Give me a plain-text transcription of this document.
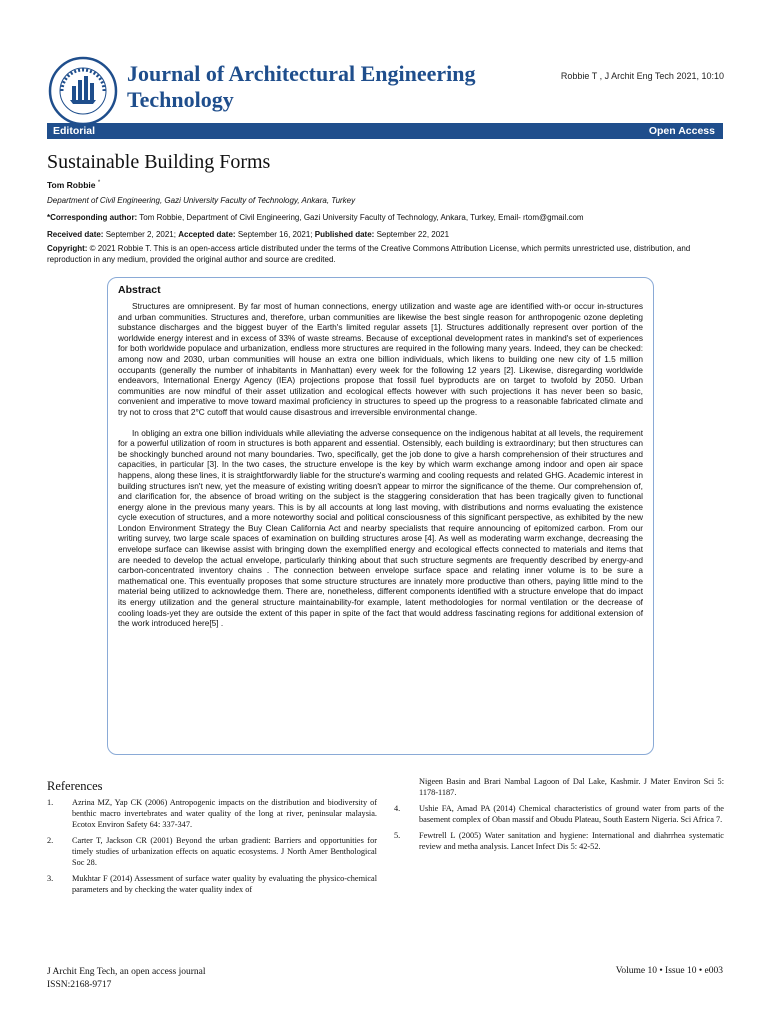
Journal of Architectural Engineering Technology
Robbie T , J Archit Eng Tech 2021, 10:10
Editorial	Open Access
Sustainable Building Forms
Tom Robbie *
Department of Civil Engineering, Gazi University Faculty of Technology, Ankara, Turkey
*Corresponding author: Tom Robbie, Department of Civil Engineering, Gazi University Faculty of Technology, Ankara, Turkey, Email- rtom@gmail.com
Received date: September 2, 2021; Accepted date: September 16, 2021; Published date: September 22, 2021
Copyright: © 2021 Robbie T. This is an open-access article distributed under the terms of the Creative Commons Attribution License, which permits unrestricted use, distribution, and reproduction in any medium, provided the original author and source are credited.
Abstract

Structures are omnipresent. By far most of human connections, energy utilization and waste age are identified with-or occur in-structures and urban communities. Structures and, therefore, urban communities are likewise the best single reason for anthropogenic ozone depleting substance discharges and the biggest buyer of the Earth's limited regular assets [1]. Structures additionally represent over portion of the worldwide energy interest and in excess of 33% of waste streams. Because of exceptional development rates in mankind's set of experiences for both worldwide populace and urbanization, endless more structures are required in the following many years. Indeed, they can be checked: among now and 2030, urban communities will house an extra one billion individuals, which likens to building one new city of 1.5 million occupants (generally the number of inhabitants in Manhattan) every week for the following 12 years [2]. Likewise, disregarding worldwide endeavors, International Energy Agency (IEA) projections propose that fossil fuel byproducts are on target to twofold by 2050. Urban communities are now mindful of their asset utilization and ecological effects however with such projections it has never been so basic, convenient and imperative to move toward maximal proficiency in structures to speed up the progress to a reasonable fabricated climate and try not to cross that 2°C cutoff that would cause disastrous and irreversible environmental change.

In obliging an extra one billion individuals while alleviating the adverse consequence on the indigenous habitat at all levels, the requirement for a powerful utilization of room in structures is both apparent and essential. Ostensibly, each building is extraordinary; but then structures can be shockingly bunched around not many boundaries. Two, specifically, get the job done to give a harsh comprehension of their structures and capacities, in particular [3]. In the two cases, the structure envelope is the key by which warm exchange among indoor and open air space happens, along these lines, it is straightforwardly liable for the structure's warming and cooling requests and related GHG. Academic interest in building structures isn't new, yet the measure of existing writing doesn't appear to mirror the significance of the theme. Our comprehension of, and clarification for, the absence of broad writing on the subject is the staggering consideration that has been tragically given to functional energy alone in the previous many years. This is by all accounts at long last moving, with distributions and norms evaluating the existence cycle execution of structures, and a more noteworthy social and political consciousness of this significant perspective, as exhibited by the new London Environment Strategy the Buy Clean California Act and nearby specialists that require announcing of epitomized carbon. From our writing survey, two large scale spaces of examination on building structures arose [4]. As well as moderating warm exchange, decreasing the envelope surface can likewise assist with bringing down the exemplified energy and ecological effects connected to materials and items that are needed to develop the actual envelope, particularly thinking about that such structure segments are frequently described by energy-and carbon-concentrated inventory chains . The connection between envelope surface space and relating inner volume is to be sure a mathematical one. This eventually proposes that some structure structures are innately more productive than others, paying little mind to the material being utilized to acknowledge them. There are, nonetheless, different components identified with a structure envelope that do impact its energy utilization and the general structure maintainability-for example, latent methodologies for normal ventilation or the decrease of cooling loads-yet they are outside the extent of this paper in spite of the fact that would address fascinating regions for additional extension of the work introduced here[5] .

References
1. Azrina MZ, Yap CK (2006) Antropogenic impacts on the distribution and biodiversity of benthic macro invertebrates and water quality of the long at river, peninsular malaysia. Ecotox Environ Safety 64: 337-347.
2. Carter T, Jackson CR (2001) Beyond the urban gradient: Barriers and opportunities for timely studies of urbanization effects on aquatic ecosystems. J North Amer Benthological Soc 28.
3. Mukhtar F (2014) Assessment of surface water quality by evaluating the physico-chemical parameters and by checking the water quality index of
Nigeen Basin and Brari Nambal Lagoon of Dal Lake, Kashmir. J Mater Environ Sci 5: 1178-1187.
4. Ushie FA, Amad PA (2014) Chemical characteristics of ground water from parts of the basement complex of Oban massif and Obudu Plateau, South Eastern Nigeria. Sci Africa 7.
5. Fewtrell L (2005) Water sanitation and hygiene: International and diahrrhea systematic review and metha analysis. Lancet Infect Dis 5: 42-52.
J Archit Eng Tech, an open access journal
ISSN:2168-9717
Volume 10 • Issue 10 • e003
